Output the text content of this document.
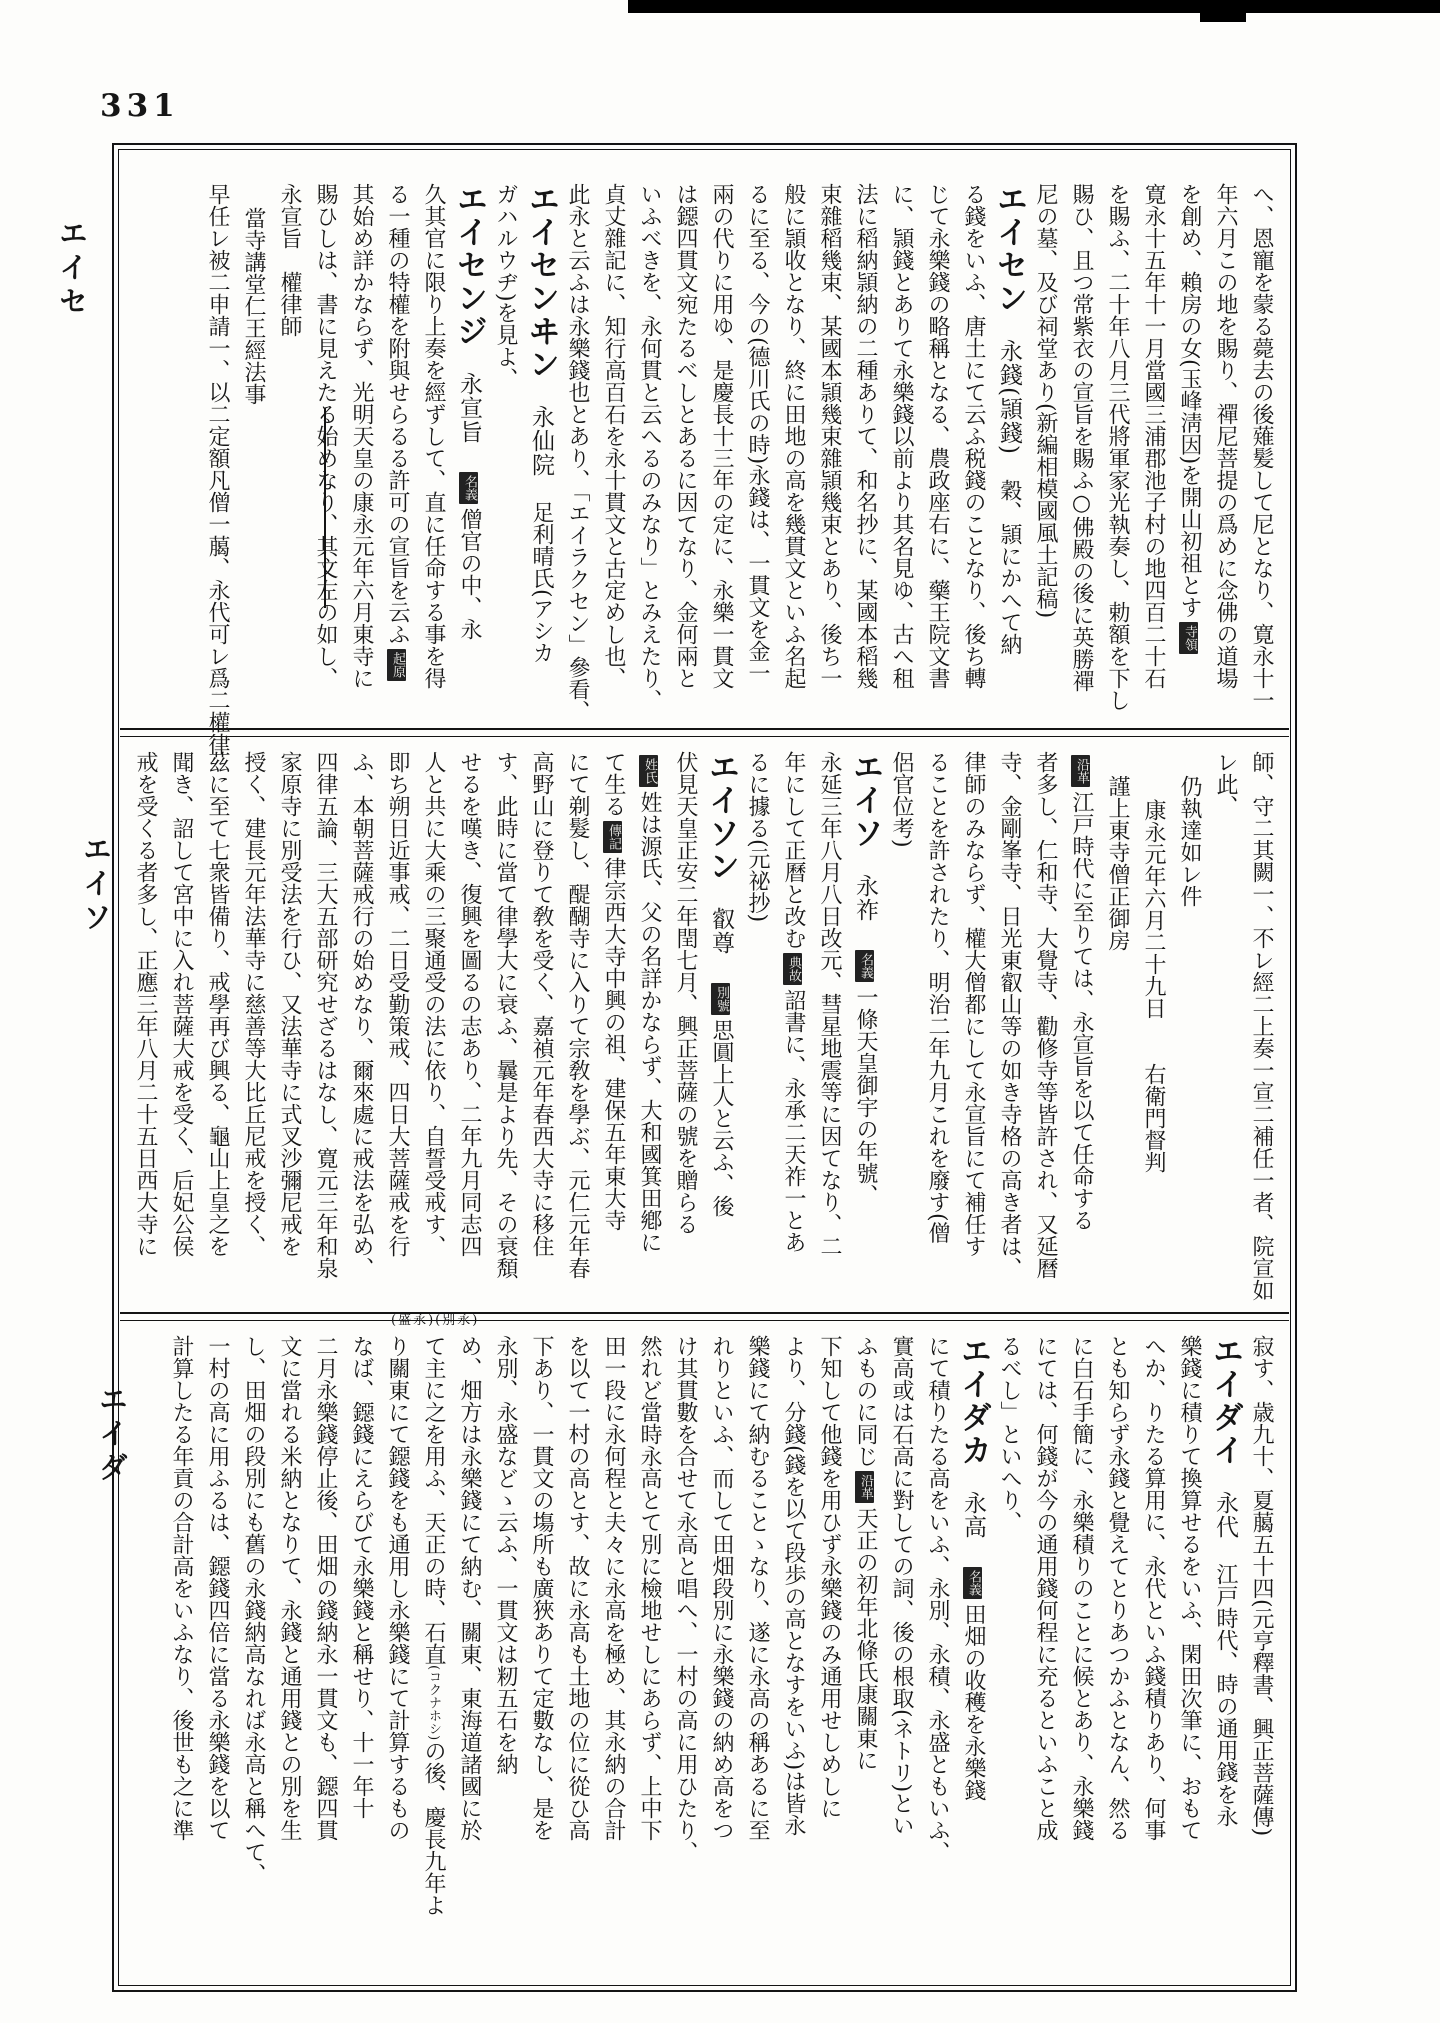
331
エイセ
エイソ
エイダ
(盛永)(別永)

へ、恩寵を蒙る薨去の後薙髪して尼となり、寛永十一

年六月この地を賜り、禪尼菩提の爲めに念佛の道場

を創め、賴房の女(玉峰淸因)を開山初祖とす寺領

寛永十五年十一月當國三浦郡池子村の地四百二十石

を賜ふ、二十年八月三代將軍家光執奏し、勅額を下し

賜ひ、且つ常紫衣の宣旨を賜ふ○佛殿の後に英勝禪

尼の墓、及び祠堂あり(新編相模國風土記稿)

エイセン　永錢(頴錢)　穀、頴にかへて納

る錢をいふ、唐土にて云ふ税錢のことなり、後ち轉

じて永樂錢の略稱となる、農政座右に、藥王院文書

に、頴錢とありて永樂錢以前より其名見ゆ、古へ租

法に稻納頴納の二種ありて、和名抄に、某國本稻幾

束雜稻幾束、某國本頴幾束雜頴幾束とあり、後ち一

般に頴收となり、終に田地の高を幾貫文といふ名起

るに至る、今の(德川氏の時)永錢は、一貫文を金一

兩の代りに用ゆ、是慶長十三年の定に、永樂一貫文

は鐚四貫文宛たるべしとあるに因てなり、金何兩と

いふべきを、永何貫と云へるのみなり」とみえたり、

貞丈雜記に、知行高百石を永十貫文と古定めし也、

此永と云ふは永樂錢也とあり、「エイラクセン」參看、

エイセンヰン　永仙院　足利晴氏(アシカ

ガハルウヂ)を見よ、

エイセンジ　永宣旨　名義僧官の中、永

久其官に限り上奏を經ずして、直に任命する事を得

る一種の特權を附與せらるる許可の宣旨を云ふ起原

其始め詳かならず、光明天皇の康永元年六月東寺に

賜ひしは、書に見えたる始めなり、其文左の如し、

永宣旨　權律師

當寺講堂仁王經法事

早任レ被二申請一、以二定額凡僧一﨟、永代可レ爲二權律

師、守二其闕一、不レ經二上奏一宣二補任一者、院宣如レ此、

仍執達如レ件

康永元年六月二十九日　　右衛門督判

謹上東寺僧正御房

沿革江戸時代に至りては、永宣旨を以て任命する

者多し、仁和寺、大覺寺、勸修寺等皆許され、又延曆

寺、金剛峯寺、日光東叡山等の如き寺格の高き者は、

律師のみならず、權大僧都にして永宣旨にて補任す

ることを許されたり、明治二年九月これを廢す(僧

侶官位考)

エイソ　永祚　名義一條天皇御宇の年號、

永延三年八月八日改元、彗星地震等に因てなり、二

年にして正曆と改む典故詔書に、永承二天祚一とあ

るに據る(元祕抄)

エイソン　叡尊　別號思圓上人と云ふ、後

伏見天皇正安二年閏七月、興正菩薩の號を贈らる

姓氏姓は源氏、父の名詳かならず、大和國箕田鄕に

て生る傳記律宗西大寺中興の祖、建保五年東大寺

にて剃髮し、醍醐寺に入りて宗敎を學ぶ、元仁元年春

高野山に登りて敎を受く、嘉禎元年春西大寺に移住

す、此時に當て律學大に衰ふ、曩是より先、その衰頽

せるを嘆き、復興を圖るの志あり、二年九月同志四

人と共に大乘の三聚通受の法に依り、自誓受戒す、

即ち朔日近事戒、二日受勤策戒、四日大菩薩戒を行

ふ、本朝菩薩戒行の始めなり、爾來處に戒法を弘め、

四律五論、三大五部研究せざるはなし、寛元三年和泉

家原寺に別受法を行ひ、又法華寺に式叉沙彌尼戒を

授く、建長元年法華寺に慈善等大比丘尼戒を授く、

茲に至て七衆皆備り、戒學再び興る、龜山上皇之を

聞き、詔して宮中に入れ菩薩大戒を受く、后妃公侯

戒を受くる者多し、正應三年八月二十五日西大寺に

寂す、歳九十、夏﨟五十四(元亨釋書、興正菩薩傳)

エイダイ　永代　江戸時代、時の通用錢を永

樂錢に積りて換算せるをいふ、閑田次筆に、おもて

へか、りたる算用に、永代といふ錢積りあり、何事

とも知らず永錢と覺えてとりあつかふとなん、然る

に白石手簡に、永樂積りのことに候とあり、永樂錢

にては、何錢が今の通用錢何程に充るといふこと成

るべし」といへり、

エイダカ　永高　名義田畑の收穫を永樂錢

にて積りたる高をいふ、永別、永積、永盛ともいふ、

實高或は石高に對しての詞、後の根取(ネトリ)とい

ふものに同じ沿革天正の初年北條氏康關東に

下知して他錢を用ひず永樂錢のみ通用せしめしに

より、分錢(錢を以て段歩の高となすをいふ)は皆永

樂錢にて納むることゝなり、遂に永高の稱あるに至

れりといふ、而して田畑段別に永樂錢の納め高をつ

け其貫數を合せて永高と唱へ、一村の高に用ひたり、

然れど當時永高とて別に檢地せしにあらず、上中下

田一段に永何程と夫々に永高を極め、其永納の合計

を以て一村の高とす、故に永高も土地の位に從ひ高

下あり、一貫文の塲所も廣狹ありて定數なし、是を

永別、永盛などゝ云ふ、一貫文は籾五石を納

め、畑方は永樂錢にて納む、關東、東海道諸國に於

て主に之を用ふ、天正の時、石直(コクナホシ)の後、慶長九年よ

り關東にて鐚錢をも通用し永樂錢にて計算するもの

なば、鐚錢にえらびて永樂錢と稱せり、十一年十

二月永樂錢停止後、田畑の錢納永一貫文も、鐚四貫

文に當れる米納となりて、永錢と通用錢との別を生

し、田畑の段別にも舊の永錢納高なれば永高と稱へて、

一村の高に用ふるは、鐚錢四倍に當る永樂錢を以て

計算したる年貢の合計高をいふなり、後世も之に準
